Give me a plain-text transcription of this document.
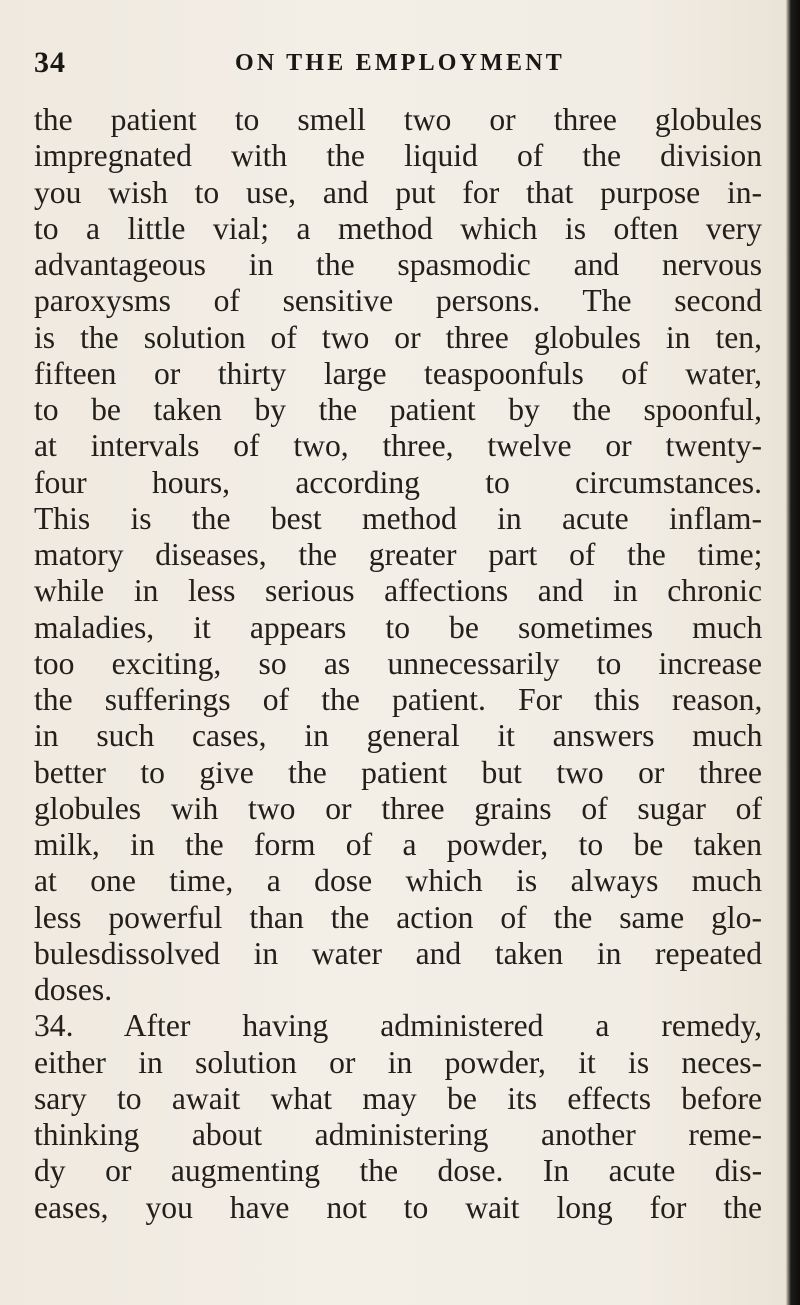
34	ON THE EMPLOYMENT
the patient to smell two or three globules
impregnated with the liquid of the division
you wish to use, and put for that purpose in-
to a little vial; a method which is often very
advantageous in the spasmodic and nervous
paroxysms of sensitive persons. The second
is the solution of two or three globules in ten,
fifteen or thirty large teaspoonfuls of water,
to be taken by the patient by the spoonful,
at intervals of two, three, twelve or twenty-
four hours, according to circumstances.
This is the best method in acute inflam-
matory diseases, the greater part of the time;
while in less serious affections and in chronic
maladies, it appears to be sometimes much
too exciting, so as unnecessarily to increase
the sufferings of the patient. For this reason,
in such cases, in general it answers much
better to give the patient but two or three
globules wih two or three grains of sugar of
milk, in the form of a powder, to be taken
at one time, a dose which is always much
less powerful than the action of the same glo-
bulesdissolved in water and taken in repeated
doses.
34. After having administered a remedy,
either in solution or in powder, it is neces-
sary to await what may be its effects before
thinking about administering another reme-
dy or augmenting the dose. In acute dis-
eases, you have not to wait long for the
